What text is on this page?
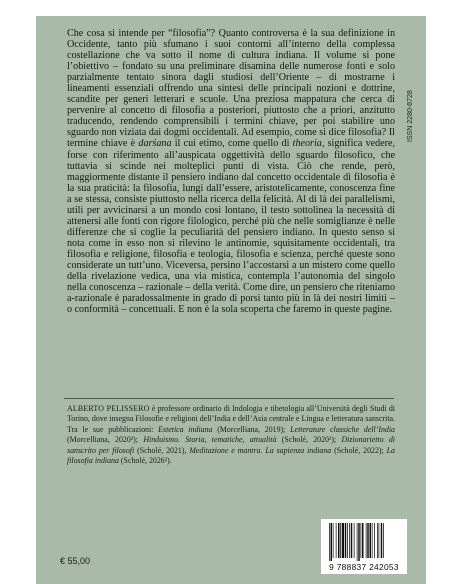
Che cosa si intende per “filosofia”? Quanto controversa è la sua definizione in Occidente, tanto più sfumano i suoi contorni all’interno della complessa costellazione che va sotto il nome di cultura indiana. Il volume si pone l’obiettivo – fondato su una preliminare disamina delle numerose fonti e solo parzialmente tentato sinora dagli studiosi dell’Oriente – di mostrarne i lineamenti essenziali offrendo una sintesi delle principali nozioni e dottrine, scandite per generi letterari e scuole. Una preziosa mappatura che cerca di pervenire al concetto di filosofia a posteriori, piuttosto che a priori, anzitutto traducendo, rendendo comprensibili i termini chiave, per poi stabilire uno sguardo non viziata dai dogmi occidentali. Ad esempio, come si dice filosofia? Il termine chiave è darśana il cui etimo, come quello di theoria, significa vedere, forse con riferimento all’auspicata oggettività dello sguardo filosofico, che tuttavia si scinde nei molteplici punti di vista. Ciò che rende, però, maggiormente distante il pensiero indiano dal concetto occidentale di filosofia è la sua praticità: la filosofia, lungi dall’essere, aristotelicamente, conoscenza fine a se stessa, consiste piuttosto nella ricerca della felicità. Al di là dei parallelismi, utili per avvicinarsi a un mondo così lontano, il testo sottolinea la necessità di attenersi alle fonti con rigore filologico, perché più che nelle somiglianze è nelle differenze che si coglie la peculiarità del pensiero indiano. In questo senso si nota come in esso non si rilevino le antinomie, squisitamente occidentali, tra filosofia e religione, filosofia e teologia, filosofia e scienza, perché queste sono considerate un tutt’uno. Viceversa, persino l’accostarsi a un mistero come quello della rivelazione vedica, una via mistica, contempla l’autonomia del singolo nella conoscenza – razionale – della verità. Come dire, un pensiero che riteniamo a-razionale è paradossalmente in grado di porsi tanto più in là dei nostri limiti – o conformità – concettuali. E non è la sola scoperta che faremo in queste pagine.

ALBERTO PELISSERO è professore ordinario di Indologia e tibetologia all’Università degli Studi di Torino, dove insegna Filosofie e religioni dell’India e dell’Asia centrale e Lingua e letteratura sanscrita. Tra le sue pubblicazioni: Estetica indiana (Morcelliana, 2019); Letterature classiche dell’India (Morcelliana, 2020²); Hinduismo. Storia, tematiche, attualità (Scholé, 2020²); Dizionarietto di sanscrito per filosofi (Scholé, 2021), Meditazione e mantra. La sapienza indiana (Scholé, 2022); La filosofia indiana (Scholé, 2026²).

ISSN 2280-8728
€ 55,00
9 788837 242053
